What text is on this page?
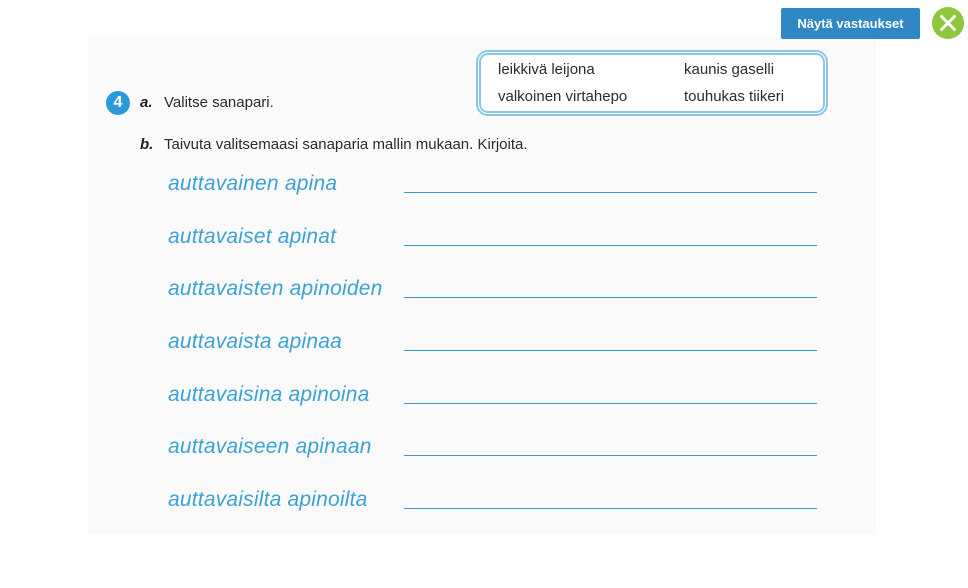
Näytä vastaukset
leikkivä leijona	kaunis gaselli
valkoinen virtahepo	touhukas tiikeri
4	a. Valitse sanapari.
b. Taivuta valitsemaasi sanaparia mallin mukaan. Kirjoita.
auttavainen apina
auttavaiset apinat
auttavaisten apinoiden
auttavaista apinaa
auttavaisina apinoina
auttavaiseen apinaan
auttavaisilta apinoilta
